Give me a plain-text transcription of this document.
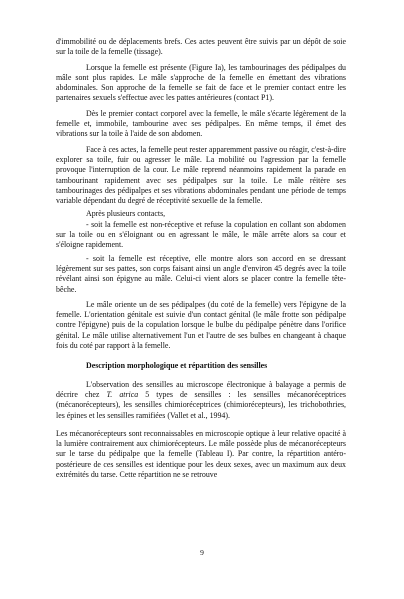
d'immobilité ou de déplacements brefs. Ces actes peuvent être suivis par un dépôt de soie sur la toile de la femelle (tissage).

Lorsque la femelle est présente (Figure Ia), les tambourinages des pédipalpes du mâle sont plus rapides. Le mâle s'approche de la femelle en émettant des vibrations abdominales. Son approche de la femelle se fait de face et le premier contact entre les partenaires sexuels s'effectue avec les pattes antérieures (contact P1).

Dès le premier contact corporel avec la femelle, le mâle s'écarte légèrement de la femelle et, immobile, tambourine avec ses pédipalpes. En même temps, il émet des vibrations sur la toile à l'aide de son abdomen.

Face à ces actes, la femelle peut rester apparemment passive ou réagir, c'est-à-dire explorer sa toile, fuir ou agresser le mâle. La mobilité ou l'agression par la femelle provoque l'interruption de la cour. Le mâle reprend néanmoins rapidement la parade en tambourinant rapidement avec ses pédipalpes sur la toile. Le mâle réitère ses tambourinages des pédipalpes et ses vibrations abdominales pendant une période de temps variable dépendant du degré de réceptivité sexuelle de la femelle.

Après plusieurs contacts,

- soit la femelle est non-réceptive et refuse la copulation en collant son abdomen sur la toile ou en s'éloignant ou en agressant le mâle, le mâle arrête alors sa cour et s'éloigne rapidement.

- soit la femelle est réceptive, elle montre alors son accord en se dressant légèrement sur ses pattes, son corps faisant ainsi un angle d'environ 45 degrés avec la toile révélant ainsi son épigyne au mâle. Celui-ci vient alors se placer contre la femelle tête-bêche.

Le mâle oriente un de ses pédipalpes (du coté de la femelle) vers l'épigyne de la femelle. L'orientation génitale est suivie d'un contact génital (le mâle frotte son pédipalpe contre l'épigyne) puis de la copulation lorsque le bulbe du pédipalpe pénètre dans l'orifice génital. Le mâle utilise alternativement l'un et l'autre de ses bulbes en changeant à chaque fois du coté par rapport à la femelle.

Description morphologique et répartition des sensilles

L'observation des sensilles au microscope électronique à balayage a permis de décrire chez T. atrica 5 types de sensilles : les sensilles mécanoréceptrices (mécanorécepteurs), les sensilles chimioréceptrices (chimiorécepteurs), les trichobothries, les épines et les sensilles ramifiées (Vallet et al., 1994).

Les mécanorécepteurs sont reconnaissables en microscopie optique à leur relative opacité à la lumière contrairement aux chimiorécepteurs. Le mâle possède plus de mécanorécepteurs sur le tarse du pédipalpe que la femelle (Tableau I). Par contre, la répartition antéro-postérieure de ces sensilles est identique pour les deux sexes, avec un maximum aux deux extrémités du tarse. Cette répartition ne se retrouve

9
